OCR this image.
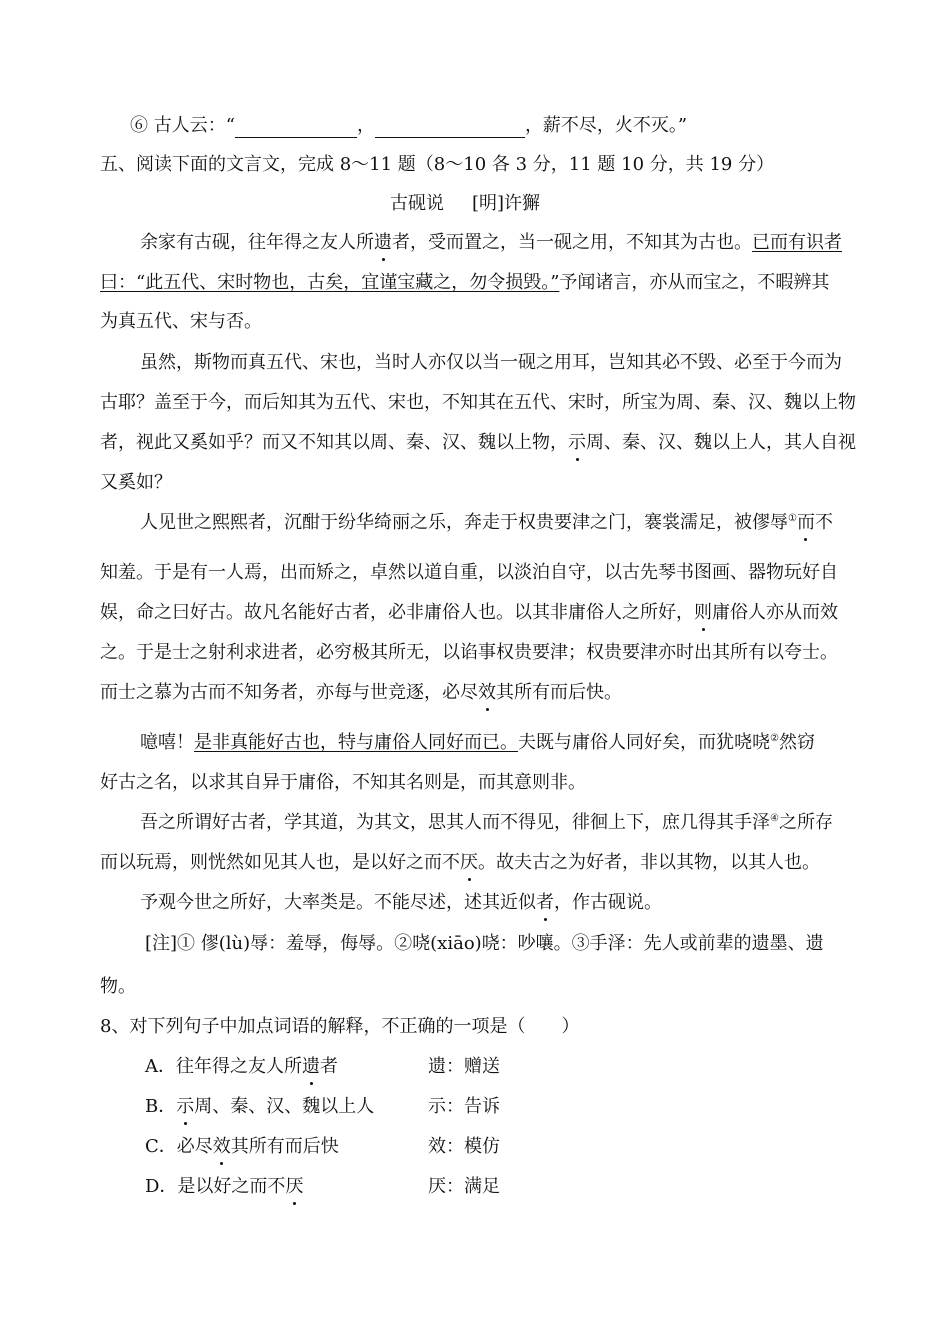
⑥ 古人云：“	，	，薪不尽，火不灭。”
五、阅读下面的文言文，完成 8～11 题（8～10 各 3 分，11 题 10 分，共 19 分）
古砚说 [明]许獬
余家有古砚，往年得之友人所遗者，受而置之，当一砚之用，不知其为古也。已而有识者
曰：“此五代、宋时物也，古矣，宜谨宝藏之，勿令损毁。”予闻诸言，亦从而宝之，不暇辨其
为真五代、宋与否。
虽然，斯物而真五代、宋也，当时人亦仅以当一砚之用耳，岂知其必不毁、必至于今而为
古耶？盖至于今，而后知其为五代、宋也，不知其在五代、宋时，所宝为周、秦、汉、魏以上物
者，视此又奚如乎？而又不知其以周、秦、汉、魏以上物，示周、秦、汉、魏以上人，其人自视
又奚如？
人见世之熙熙者，沉酣于纷华绮丽之乐，奔走于权贵要津之门，褰裳濡足，被僇辱①而不
知羞。于是有一人焉，出而矫之，卓然以道自重，以淡泊自守，以古先琴书图画、器物玩好自
娱，命之曰好古。故凡名能好古者，必非庸俗人也。以其非庸俗人之所好，则庸俗人亦从而效
之。于是士之射利求进者，必穷极其所无，以谄事权贵要津；权贵要津亦时出其所有以夸士。
而士之慕为古而不知务者，亦每与世竞逐，必尽效其所有而后快。
噫嘻！是非真能好古也，特与庸俗人同好而已。夫既与庸俗人同好矣，而犹哓哓②然窃
好古之名，以求其自异于庸俗，不知其名则是，而其意则非。
吾之所谓好古者，学其道，为其文，思其人而不得见，徘徊上下，庶几得其手泽④之所存
而以玩焉，则恍然如见其人也，是以好之而不厌。故夫古之为好者，非以其物，以其人也。
予观今世之所好，大率类是。不能尽述，述其近似者，作古砚说。
[注]① 僇(lù)辱：羞辱，侮辱。②哓(xiāo)哓：吵嚷。③手泽：先人或前辈的遗墨、遗
物。
8、对下列句子中加点词语的解释，不正确的一项是（　　）
A．往年得之友人所遗者	遗：赠送
B．示周、秦、汉、魏以上人	示：告诉
C．必尽效其所有而后快	效：模仿
D．是以好之而不厌	厌：满足
